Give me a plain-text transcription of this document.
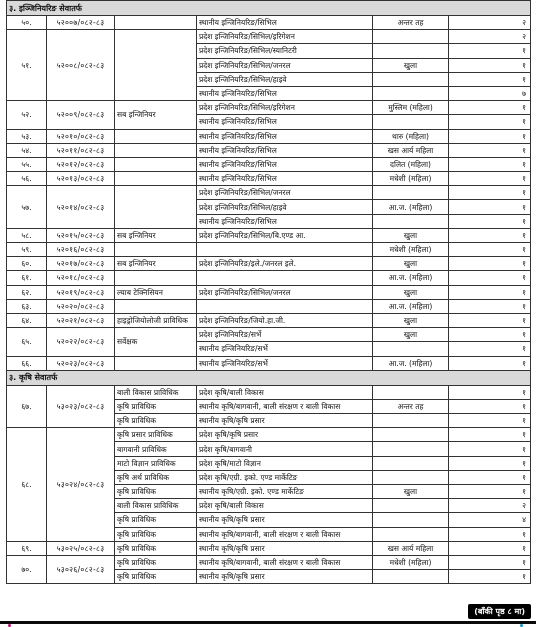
३. इञ्जिनियरिङ सेवातर्फ					
५०.	५२००७/०८२-८३		स्थानीय इन्जिनियरिङ/सिभिल	अन्तर तह	२
५१.	५२००८/०८२-८३		प्रदेश इन्जिनियरिङ/सिभिल/इरिगेशन		२
			प्रदेश इन्जिनियरिङ/सिभिल/स्यानिटरी		१
			प्रदेश इन्जिनियरिङ/सिभिल/जनरल	खुला	१
			प्रदेश इन्जिनियरिङ/सिभिल/हाइवे		१
			स्थानीय इन्जिनियरिङ/सिभिल		७
५२.	५२००९/०८२-८३	सब इन्जिनियर	प्रदेश इन्जिनियरिङ/सिभिल/इरिगेशन	मुस्लिम (महिला)	१
			स्थानीय इन्जिनियरिङ/सिभिल		१
५३.	५२०१०/०८२-८३		स्थानीय इन्जिनियरिङ/सिभिल	थारु (महिला)	१
५४.	५२०११/०८२-८३		स्थानीय इन्जिनियरिङ/सिभिल	खस आर्य महिला	१
५५.	५२०१२/०८२-८३		स्थानीय इन्जिनियरिङ/सिभिल	दलित (महिला)	१
५६.	५२०१३/०८२-८३		स्थानीय इन्जिनियरिङ/सिभिल	मधेशी (महिला)	१
५७.	५२०१४/०८२-८३		प्रदेश इन्जिनियरिङ/सिभिल/जनरल		१
			प्रदेश इन्जिनियरिङ/सिभिल/हाइवे	आ.ज. (महिला)	१
			स्थानीय इन्जिनियरिङ/सिभिल		१
५८.	५२०१५/०८२-८३	सब इन्जिनियर	प्रदेश इन्जिनियरिङ/सिभिल/बि.एण्ड आ.	खुला	१
५९.	५२०१६/०८२-८३			मधेशी (महिला)	१
६०.	५२०१७/०८२-८३	सब इन्जिनियर	प्रदेश इन्जिनियरिङ/इले./जनरल इले.	खुला	१
६१.	५२०१८/०८२-८३			आ.ज. (महिला)	१
६२.	५२०१९/०८२-८३	ल्याब टेक्निसियन	प्रदेश इन्जिनियरिङ/सिभिल/जनरल	खुला	१
६३.	५२०२०/०८२-८३			आ.ज. (महिला)	१
६४.	५२०२१/०८२-८३	हाइड्रोजियोलोजी प्राविधिक	प्रदेश इन्जिनियरिङ/जियो.हा.जी.	खुला	१
६५.	५२०२२/०८२-८३	सर्वेक्षक	प्रदेश इन्जिनियरिङ/सर्भे	खुला	१
			स्थानीय इन्जिनियरिङ/सर्भे		१
६६.	५२०२३/०८२-८३		स्थानीय इन्जिनियरिङ/सर्भे	आ.ज. (महिला)	१
३. कृषि सेवातर्फ					
६७.	५३०२३/०८२-८३	बाली विकास प्राविधिक	प्रदेश कृषि/बाली विकास		१
		कृषि प्राविधिक	स्थानीय कृषि/बागवानी, बाली संरक्षण र बाली विकास	अन्तर तह	१
		कृषि प्राविधिक	स्थानीय कृषि/कृषि प्रसार		१
६८.	५३०२४/०८२-८३	कृषि प्रसार प्राविधिक	प्रदेश कृषि/कृषि प्रसार		१
		बागवानी प्राविधिक	प्रदेश कृषि/बागवानी		१
		माटो विज्ञान प्राविधिक	प्रदेश कृषि/माटो विज्ञान		१
		कृषि अर्थ प्राविधिक	प्रदेश कृषि/एग्री. इको. एण्ड मार्केटिङ		१
		कृषि प्राविधिक	स्थानीय कृषि/एग्री. इको. एण्ड मार्केटिङ	खुला	१
		बाली विकास प्राविधिक	प्रदेश कृषि/बाली विकास		२
		कृषि प्राविधिक	स्थानीय कृषि/कृषि प्रसार		४
		कृषि प्राविधिक	स्थानीय कृषि/बागवानी, बाली संरक्षण र बाली विकास		१
६९.	५३०२५/०८२-८३	कृषि प्राविधिक	स्थानीय कृषि/कृषि प्रसार	खस आर्य महिला	१
७०.	५३०२६/०८२-८३	कृषि प्राविधिक	स्थानीय कृषि/बागवानी, बाली संरक्षण र बाली विकास	मधेशी (महिला)	१
		कृषि प्राविधिक	स्थानीय कृषि/कृषि प्रसार		१
(बाँकी पृष्ठ ८ मा)
